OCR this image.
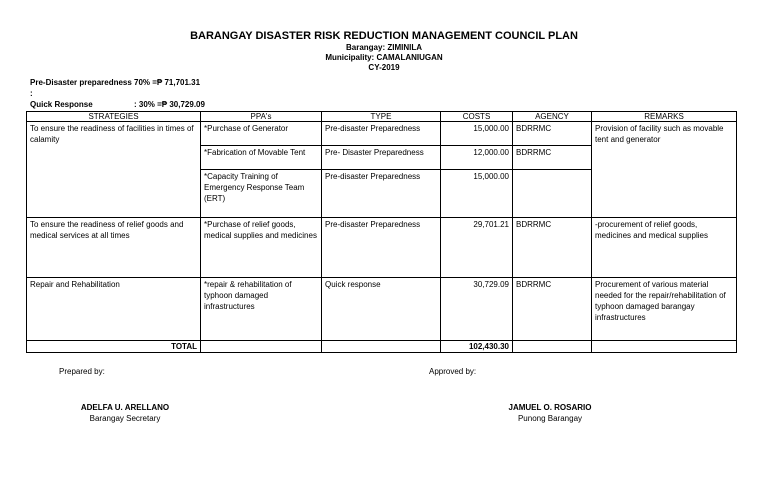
BARANGAY DISASTER RISK REDUCTION MANAGEMENT COUNCIL PLAN
Barangay: ZIMINILA
Municipality: CAMALANIUGAN
CY-2019
Pre-Disaster preparedness :
70% =₱ 71,701.31
Quick Response	: 30% =₱ 30,729.09
STRATEGIES	PPA's	TYPE	COSTS	AGENCY	REMARKS
To ensure the readiness of facilities in times of calamity	*Purchase of Generator	Pre-disaster Preparedness	15,000.00	BDRRMC	Provision of facility such as movable tent and generator
	*Fabrication of Movable Tent	Pre- Disaster Preparedness	12,000.00	BDRRMC	
	*Capacity Training of Emergency Response Team (ERT)	Pre-disaster Preparedness	15,000.00		
To ensure the readiness of relief goods and medical services at all times	*Purchase of relief goods, medical supplies and medicines	Pre-disaster Preparedness	29,701.21	BDRRMC	-procurement of relief goods, medicines and medical supplies
Repair and Rehabilitation	*repair & rehabilitation of typhoon damaged infrastructures	Quick response	30,729.09	BDRRMC	Procurement of various material needed for the repair/rehabilitation of typhoon damaged barangay infrastructures
TOTAL			102,430.30		
Prepared by:	Approved by:
ADELFA U. ARELLANO
Barangay Secretary
JAMUEL O. ROSARIO
Punong Barangay
